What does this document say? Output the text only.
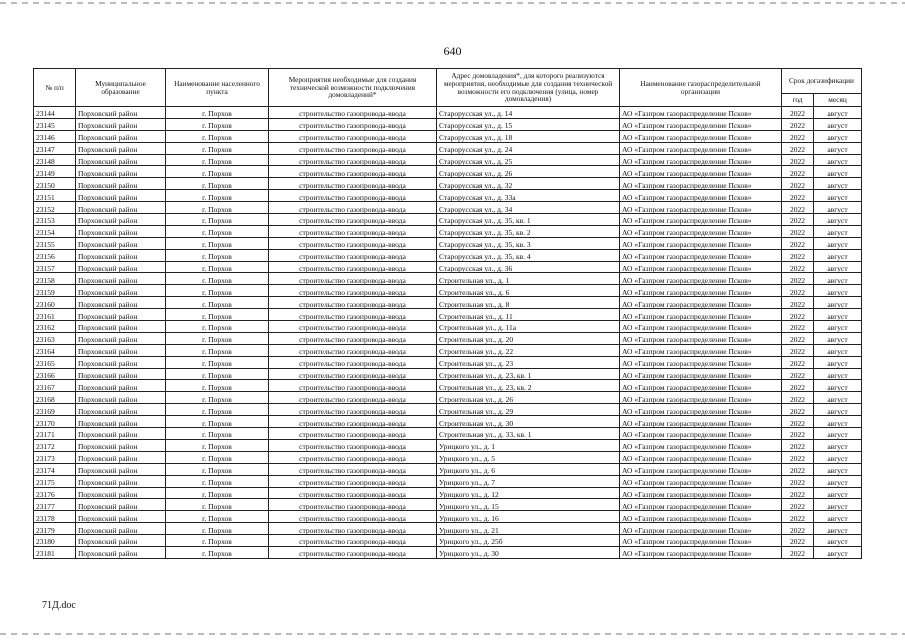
640
№ п/п	Муниципальное образование	Наименование населенного пункта	Мероприятия необходимые для создания технической возможности подключения домовладений*	Адрес домовладения*, для которого реализуются мероприятия, необходимые для создания технической возможности его подключения (улица, номер домовладения)	Наименование газораспределительной организации	Срок догазификации	
						год	месяц
23144	Порховский район	г. Порхов	строительство газопровода-ввода	Старорусская ул., д. 14	АО «Газпром газораспределение Псков»	2022	август
23145	Порховский район	г. Порхов	строительство газопровода-ввода	Старорусская ул., д. 15	АО «Газпром газораспределение Псков»	2022	август
23146	Порховский район	г. Порхов	строительство газопровода-ввода	Старорусская ул., д. 18	АО «Газпром газораспределение Псков»	2022	август
23147	Порховский район	г. Порхов	строительство газопровода-ввода	Старорусская ул., д. 24	АО «Газпром газораспределение Псков»	2022	август
23148	Порховский район	г. Порхов	строительство газопровода-ввода	Старорусская ул., д. 25	АО «Газпром газораспределение Псков»	2022	август
23149	Порховский район	г. Порхов	строительство газопровода-ввода	Старорусская ул., д. 26	АО «Газпром газораспределение Псков»	2022	август
23150	Порховский район	г. Порхов	строительство газопровода-ввода	Старорусская ул., д. 32	АО «Газпром газораспределение Псков»	2022	август
23151	Порховский район	г. Порхов	строительство газопровода-ввода	Старорусская ул., д. 33а	АО «Газпром газораспределение Псков»	2022	август
23152	Порховский район	г. Порхов	строительство газопровода-ввода	Старорусская ул., д. 34	АО «Газпром газораспределение Псков»	2022	август
23153	Порховский район	г. Порхов	строительство газопровода-ввода	Старорусская ул., д. 35, кв. 1	АО «Газпром газораспределение Псков»	2022	август
23154	Порховский район	г. Порхов	строительство газопровода-ввода	Старорусская ул., д. 35, кв. 2	АО «Газпром газораспределение Псков»	2022	август
23155	Порховский район	г. Порхов	строительство газопровода-ввода	Старорусская ул., д. 35, кв. 3	АО «Газпром газораспределение Псков»	2022	август
23156	Порховский район	г. Порхов	строительство газопровода-ввода	Старорусская ул., д. 35, кв. 4	АО «Газпром газораспределение Псков»	2022	август
23157	Порховский район	г. Порхов	строительство газопровода-ввода	Старорусская ул., д. 36	АО «Газпром газораспределение Псков»	2022	август
23158	Порховский район	г. Порхов	строительство газопровода-ввода	Строительная ул., д. 1	АО «Газпром газораспределение Псков»	2022	август
23159	Порховский район	г. Порхов	строительство газопровода-ввода	Строительная ул., д. 6	АО «Газпром газораспределение Псков»	2022	август
23160	Порховский район	г. Порхов	строительство газопровода-ввода	Строительная ул., д. 8	АО «Газпром газораспределение Псков»	2022	август
23161	Порховский район	г. Порхов	строительство газопровода-ввода	Строительная ул., д. 11	АО «Газпром газораспределение Псков»	2022	август
23162	Порховский район	г. Порхов	строительство газопровода-ввода	Строительная ул., д. 11а	АО «Газпром газораспределение Псков»	2022	август
23163	Порховский район	г. Порхов	строительство газопровода-ввода	Строительная ул., д. 20	АО «Газпром газораспределение Псков»	2022	август
23164	Порховский район	г. Порхов	строительство газопровода-ввода	Строительная ул., д. 22	АО «Газпром газораспределение Псков»	2022	август
23165	Порховский район	г. Порхов	строительство газопровода-ввода	Строительная ул., д. 23	АО «Газпром газораспределение Псков»	2022	август
23166	Порховский район	г. Порхов	строительство газопровода-ввода	Строительная ул., д. 23, кв. 1	АО «Газпром газораспределение Псков»	2022	август
23167	Порховский район	г. Порхов	строительство газопровода-ввода	Строительная ул., д. 23, кв. 2	АО «Газпром газораспределение Псков»	2022	август
23168	Порховский район	г. Порхов	строительство газопровода-ввода	Строительная ул., д. 26	АО «Газпром газораспределение Псков»	2022	август
23169	Порховский район	г. Порхов	строительство газопровода-ввода	Строительная ул., д. 29	АО «Газпром газораспределение Псков»	2022	август
23170	Порховский район	г. Порхов	строительство газопровода-ввода	Строительная ул., д. 30	АО «Газпром газораспределение Псков»	2022	август
23171	Порховский район	г. Порхов	строительство газопровода-ввода	Строительная ул., д. 33, кв. 1	АО «Газпром газораспределение Псков»	2022	август
23172	Порховский район	г. Порхов	строительство газопровода-ввода	Урицкого ул., д. 1	АО «Газпром газораспределение Псков»	2022	август
23173	Порховский район	г. Порхов	строительство газопровода-ввода	Урицкого ул., д. 5	АО «Газпром газораспределение Псков»	2022	август
23174	Порховский район	г. Порхов	строительство газопровода-ввода	Урицкого ул., д. 6	АО «Газпром газораспределение Псков»	2022	август
23175	Порховский район	г. Порхов	строительство газопровода-ввода	Урицкого ул., д. 7	АО «Газпром газораспределение Псков»	2022	август
23176	Порховский район	г. Порхов	строительство газопровода-ввода	Урицкого ул., д. 12	АО «Газпром газораспределение Псков»	2022	август
23177	Порховский район	г. Порхов	строительство газопровода-ввода	Урицкого ул., д. 15	АО «Газпром газораспределение Псков»	2022	август
23178	Порховский район	г. Порхов	строительство газопровода-ввода	Урицкого ул., д. 16	АО «Газпром газораспределение Псков»	2022	август
23179	Порховский район	г. Порхов	строительство газопровода-ввода	Урицкого ул., д. 21	АО «Газпром газораспределение Псков»	2022	август
23180	Порховский район	г. Порхов	строительство газопровода-ввода	Урицкого ул., д. 25б	АО «Газпром газораспределение Псков»	2022	август
23181	Порховский район	г. Порхов	строительство газопровода-ввода	Урицкого ул., д. 30	АО «Газпром газораспределение Псков»	2022	август
71Д.doc
